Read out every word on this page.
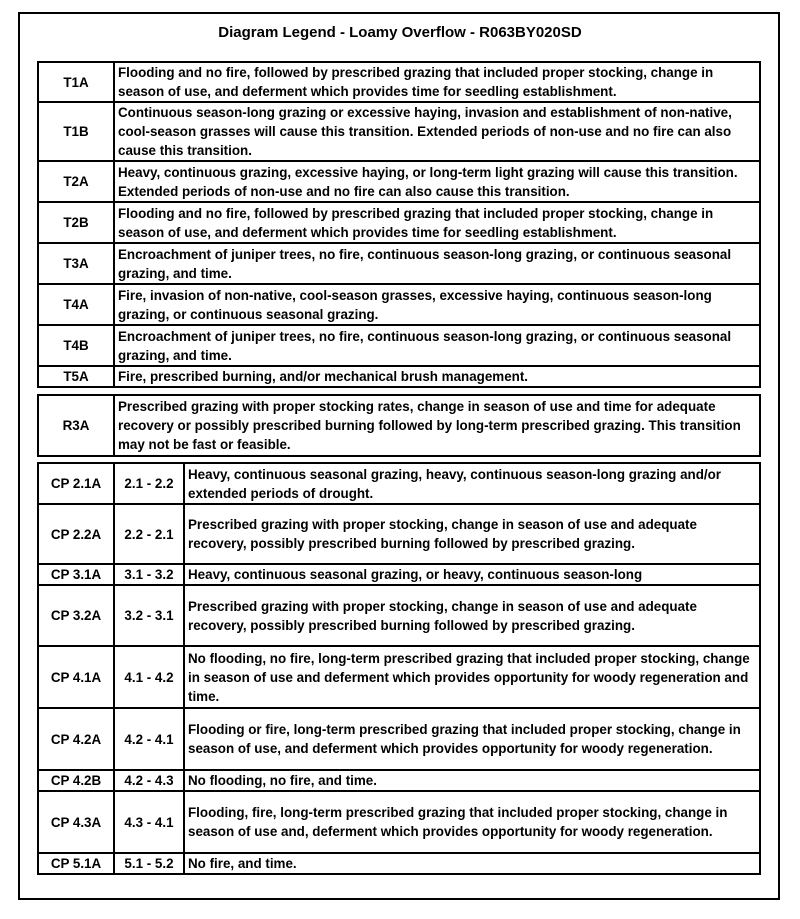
Diagram Legend - Loamy Overflow - R063BY020SD
T1A	Flooding and no fire, followed by prescribed grazing that included proper stocking, change in season of use, and deferment which provides time for seedling establishment.
T1B	Continuous season-long grazing or excessive haying, invasion and establishment of non-native, cool-season grasses will cause this transition. Extended periods of non-use and no fire can also cause this transition.
T2A	Heavy, continuous grazing, excessive haying, or long-term light grazing will cause this transition. Extended periods of non-use and no fire can also cause this transition.
T2B	Flooding and no fire, followed by prescribed grazing that included proper stocking, change in season of use, and deferment which provides time for seedling establishment.
T3A	Encroachment of juniper trees, no fire, continuous season-long grazing, or continuous seasonal grazing, and time.
T4A	Fire, invasion of non-native, cool-season grasses, excessive haying, continuous season-long grazing, or continuous seasonal grazing.
T4B	Encroachment of juniper trees, no fire, continuous season-long grazing, or continuous seasonal grazing, and time.
T5A	Fire, prescribed burning, and/or mechanical brush management.
R3A	Prescribed grazing with proper stocking rates, change in season of use and time for adequate recovery or possibly prescribed burning followed by long-term prescribed grazing. This transition may not be fast or feasible.
CP 2.1A	2.1 - 2.2	Heavy, continuous seasonal grazing, heavy, continuous season-long grazing and/or extended periods of drought.
CP 2.2A	2.2 - 2.1	Prescribed grazing with proper stocking, change in season of use and adequate recovery, possibly prescribed burning followed by prescribed grazing.
CP 3.1A	3.1 - 3.2	Heavy, continuous seasonal grazing, or heavy, continuous season-long
CP 3.2A	3.2 - 3.1	Prescribed grazing with proper stocking, change in season of use and adequate recovery, possibly prescribed burning followed by prescribed grazing.
CP 4.1A	4.1 - 4.2	No flooding, no fire, long-term prescribed grazing that included proper stocking, change in season of use and deferment which provides opportunity for woody regeneration and time.
CP 4.2A	4.2 - 4.1	Flooding or fire, long-term prescribed grazing that included proper stocking, change in season of use, and deferment which provides opportunity for woody regeneration.
CP 4.2B	4.2 - 4.3	No flooding, no fire, and time.
CP 4.3A	4.3 - 4.1	Flooding, fire, long-term prescribed grazing that included proper stocking, change in season of use and, deferment which provides opportunity for woody regeneration.
CP 5.1A	5.1 - 5.2	No fire, and time.
